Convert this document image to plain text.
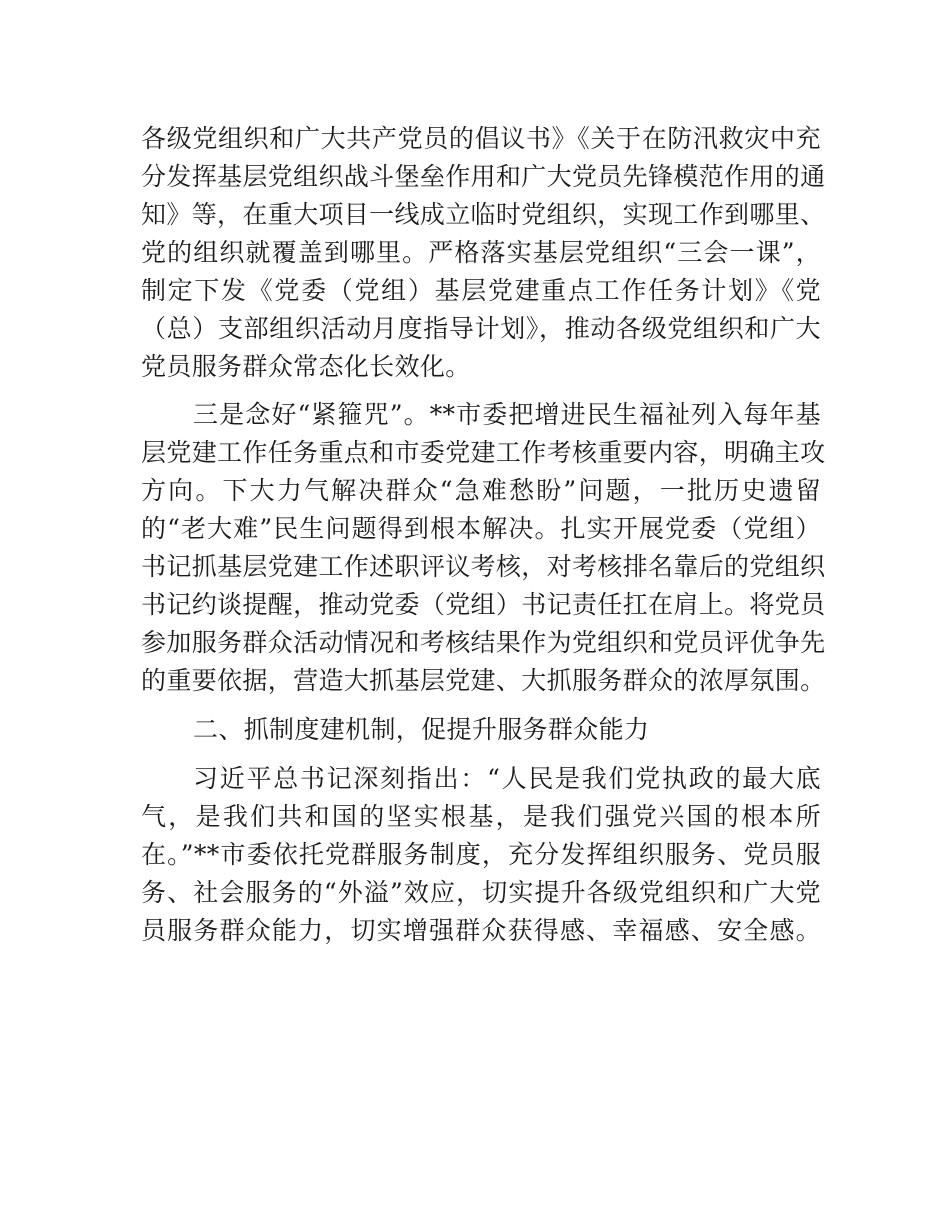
各级党组织和广大共产党员的倡议书》《关于在防汛救灾中充
分发挥基层党组织战斗堡垒作用和广大党员先锋模范作用的通
知》等，在重大项目一线成立临时党组织，实现工作到哪里、
党的组织就覆盖到哪里。严格落实基层党组织“三会一课”，
制定下发《党委（党组）基层党建重点工作任务计划》《党
（总）支部组织活动月度指导计划》，推动各级党组织和广大
党员服务群众常态化长效化。
三是念好“紧箍咒”。**市委把增进民生福祉列入每年基
层党建工作任务重点和市委党建工作考核重要内容，明确主攻
方向。下大力气解决群众“急难愁盼”问题，一批历史遗留
的“老大难”民生问题得到根本解决。扎实开展党委（党组）
书记抓基层党建工作述职评议考核，对考核排名靠后的党组织
书记约谈提醒，推动党委（党组）书记责任扛在肩上。将党员
参加服务群众活动情况和考核结果作为党组织和党员评优争先
的重要依据，营造大抓基层党建、大抓服务群众的浓厚氛围。
二、抓制度建机制，促提升服务群众能力
习近平总书记深刻指出：“人民是我们党执政的最大底
气，是我们共和国的坚实根基，是我们强党兴国的根本所
在。”**市委依托党群服务制度，充分发挥组织服务、党员服
务、社会服务的“外溢”效应，切实提升各级党组织和广大党
员服务群众能力，切实增强群众获得感、幸福感、安全感。
